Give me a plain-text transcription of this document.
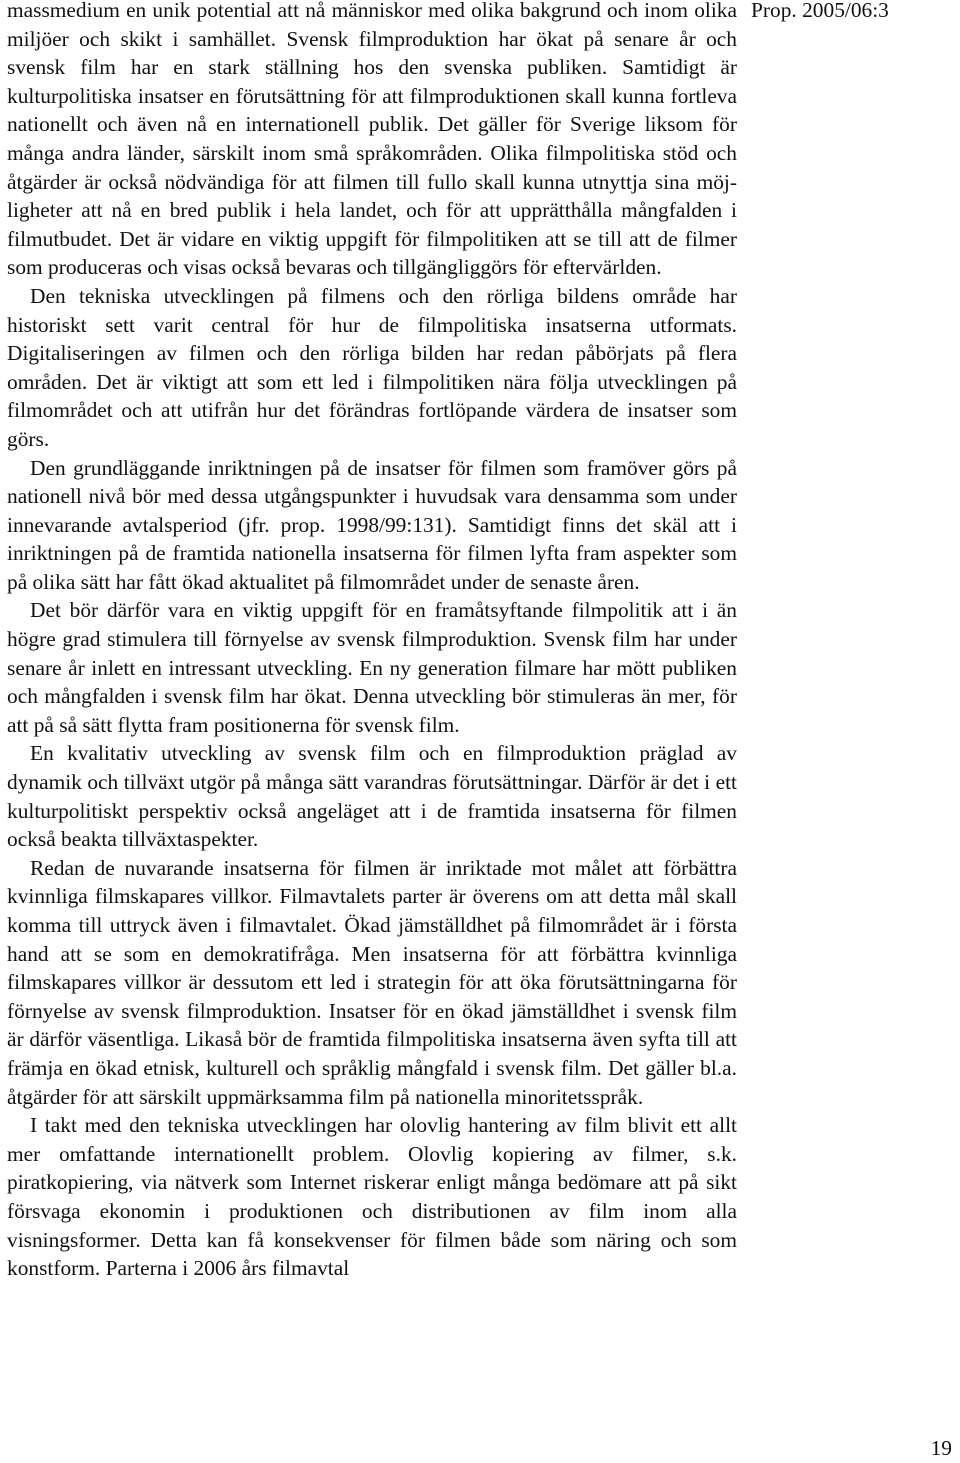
massmedium en unik potential att nå människor med olika bakgrund och inom olika miljöer och skikt i samhället. Svensk filmproduktion har ökat på senare år och svensk film har en stark ställning hos den svenska publiken. Samtidigt är kulturpolitiska insatser en förutsättning för att filmproduktionen skall kunna fortleva nationellt och även nå en internationell publik. Det gäller för Sverige liksom för många andra länder, särskilt inom små språkområden. Olika filmpolitiska stöd och åtgärder är också nödvändiga för att filmen till fullo skall kunna utnyttja sina möjligheter att nå en bred publik i hela landet, och för att upprätthålla mångfalden i filmutbudet. Det är vidare en viktig uppgift för filmpolitiken att se till att de filmer som produceras och visas också bevaras och tillgängliggörs för eftervärlden.

Den tekniska utvecklingen på filmens och den rörliga bildens område har historiskt sett varit central för hur de filmpolitiska insatserna utformats. Digitaliseringen av filmen och den rörliga bilden har redan påbörjats på flera områden. Det är viktigt att som ett led i filmpolitiken nära följa utvecklingen på filmområdet och att utifrån hur det förändras fortlöpande värdera de insatser som görs.

Den grundläggande inriktningen på de insatser för filmen som framöver görs på nationell nivå bör med dessa utgångspunkter i huvudsak vara densamma som under innevarande avtalsperiod (jfr. prop. 1998/99:131). Samtidigt finns det skäl att i inriktningen på de framtida nationella insatserna för filmen lyfta fram aspekter som på olika sätt har fått ökad aktualitet på filmområdet under de senaste åren.

Det bör därför vara en viktig uppgift för en framåtsyftande filmpolitik att i än högre grad stimulera till förnyelse av svensk filmproduktion. Svensk film har under senare år inlett en intressant utveckling. En ny generation filmare har mött publiken och mångfalden i svensk film har ökat. Denna utveckling bör stimuleras än mer, för att på så sätt flytta fram positionerna för svensk film.

En kvalitativ utveckling av svensk film och en filmproduktion präglad av dynamik och tillväxt utgör på många sätt varandras förutsättningar. Därför är det i ett kulturpolitiskt perspektiv också angeläget att i de framtida insatserna för filmen också beakta tillväxtaspekter.

Redan de nuvarande insatserna för filmen är inriktade mot målet att förbättra kvinnliga filmskapares villkor. Filmavtalets parter är överens om att detta mål skall komma till uttryck även i filmavtalet. Ökad jämställdhet på filmområdet är i första hand att se som en demokratifråga. Men insatserna för att förbättra kvinnliga filmskapares villkor är dessutom ett led i strategin för att öka förutsättningarna för förnyelse av svensk filmproduktion. Insatser för en ökad jämställdhet i svensk film är därför väsentliga. Likaså bör de framtida filmpolitiska insatserna även syfta till att främja en ökad etnisk, kulturell och språklig mångfald i svensk film. Det gäller bl.a. åtgärder för att särskilt uppmärksamma film på nationella minoritetsspråk.

I takt med den tekniska utvecklingen har olovlig hantering av film blivit ett allt mer omfattande internationellt problem. Olovlig kopiering av filmer, s.k. piratkopiering, via nätverk som Internet riskerar enligt många bedömare att på sikt försvaga ekonomin i produktionen och distributionen av film inom alla visningsformer. Detta kan få konsekvenser för filmen både som näring och som konstform. Parterna i 2006 års filmavtal

Prop. 2005/06:3
19
